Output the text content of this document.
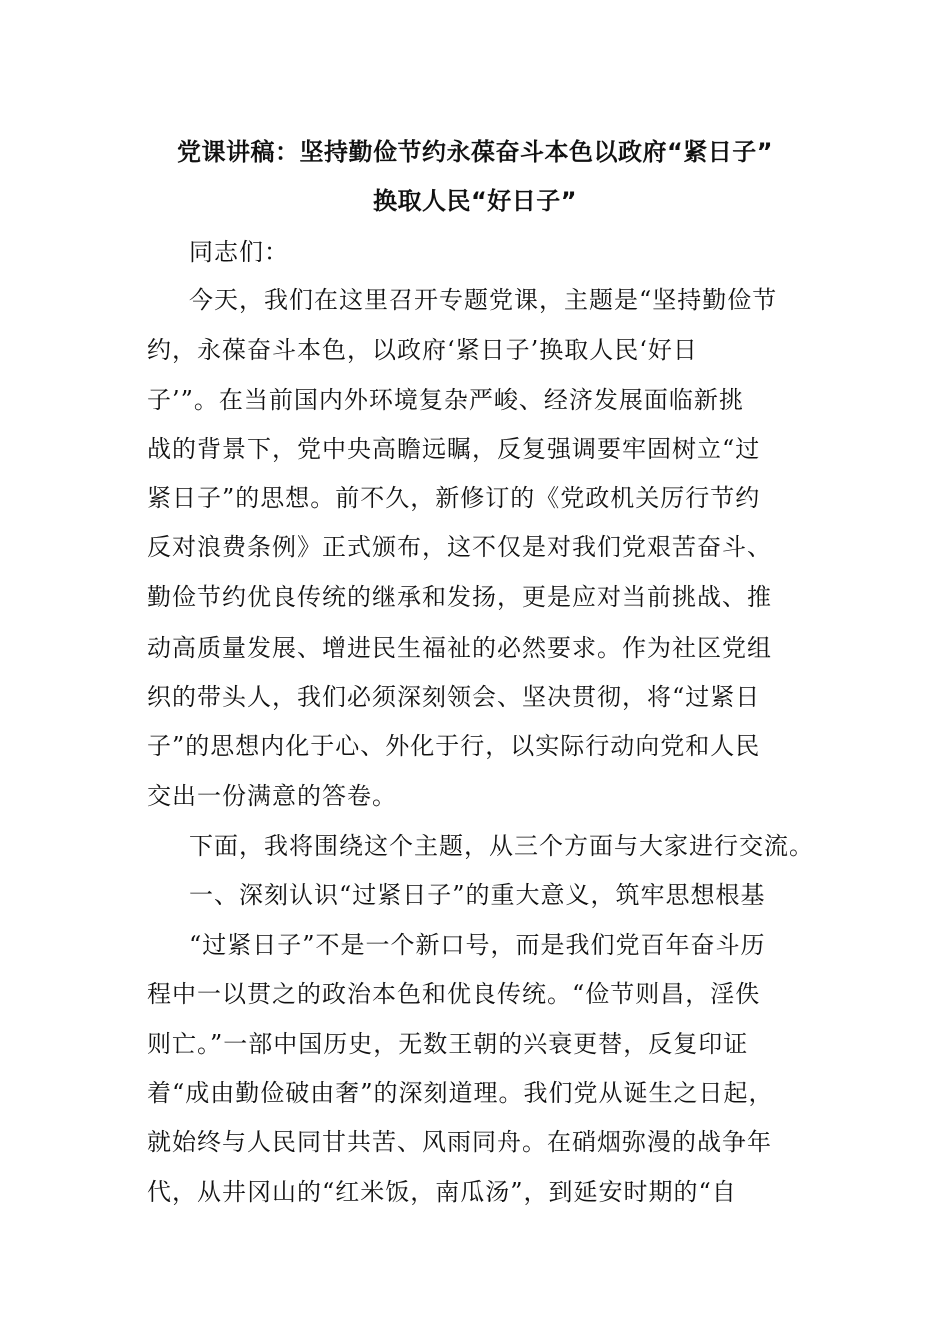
党课讲稿：坚持勤俭节约永葆奋斗本色以政府“紧日子”
换取人民“好日子”
同志们：
今天，我们在这里召开专题党课，主题是“坚持勤俭节
约，永葆奋斗本色，以政府‘紧日子’换取人民‘好日
子’”。在当前国内外环境复杂严峻、经济发展面临新挑
战的背景下，党中央高瞻远瞩，反复强调要牢固树立“过
紧日子”的思想。前不久，新修订的《党政机关厉行节约
反对浪费条例》正式颁布，这不仅是对我们党艰苦奋斗、
勤俭节约优良传统的继承和发扬，更是应对当前挑战、推
动高质量发展、增进民生福祉的必然要求。作为社区党组
织的带头人，我们必须深刻领会、坚决贯彻，将“过紧日
子”的思想内化于心、外化于行，以实际行动向党和人民
交出一份满意的答卷。
下面，我将围绕这个主题，从三个方面与大家进行交流。
一、深刻认识“过紧日子”的重大意义，筑牢思想根基
“过紧日子”不是一个新口号，而是我们党百年奋斗历
程中一以贯之的政治本色和优良传统。“俭节则昌，淫佚
则亡。”一部中国历史，无数王朝的兴衰更替，反复印证
着“成由勤俭破由奢”的深刻道理。我们党从诞生之日起，
就始终与人民同甘共苦、风雨同舟。在硝烟弥漫的战争年
代，从井冈山的“红米饭，南瓜汤”，到延安时期的“自
